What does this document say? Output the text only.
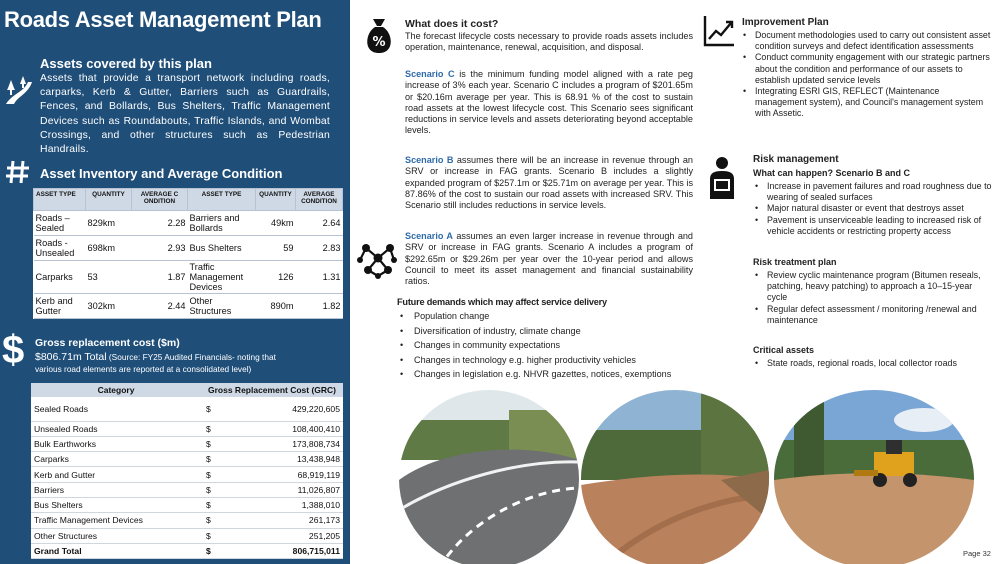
Roads Asset Management Plan
Assets covered by this plan
Assets that provide a transport network including roads, carparks, Kerb & Gutter, Barriers such as Guardrails, Fences, and Bollards, Bus Shelters, Traffic Management Devices such as Roundabouts, Traffic Islands, and Wombat Crossings, and other structures such as Pedestrian Handrails.
Asset Inventory and Average Condition
ASSET TYPE	QUANTITY	AVERAGE C ONDITION	ASSET TYPE	QUANTITY	AVERAGE CONDITION
Roads – Sealed	829km	2.28	Barriers and Bollards	49km	2.64
Roads - Unsealed	698km	2.93	Bus Shelters	59	2.83
Carparks	53	1.87	Traffic Management Devices	126	1.31
Kerb and Gutter	302km	2.44	Other Structures	890m	1.82
$	Gross replacement cost ($m)
$806.71m Total (Source: FY25 Audited Financials- noting that
various road elements are reported at a consolidated level)
Category	Gross Replacement Cost (GRC)	
Sealed Roads	$	429,220,605
Unsealed Roads	$	108,400,410
Bulk Earthworks	$	173,808,734
Carparks	$	13,438,948
Kerb and Gutter	$	68,919,119
Barriers	$	11,026,807
Bus Shelters	$	1,388,010
Traffic Management Devices	$	261,173
Other Structures	$	251,205
Grand Total	$	806,715,011
%
What does it cost?
The forecast lifecycle costs necessary to provide roads assets includes operation, maintenance, renewal, acquisition, and disposal.
Scenario C is the minimum funding model aligned with a rate peg increase of 3% each year. Scenario C includes a program of $201.65m or $20.16m average per year. This is 68.91 % of the cost to sustain road assets at the lowest lifecycle cost. This Scenario sees significant reductions in service levels and assets deteriorating beyond acceptable levels.
Scenario B assumes there will be an increase in revenue through an SRV or increase in FAG grants. Scenario B includes a slightly expanded program of $257.1m or $25.71m on average per year. This is 87.86% of the cost to sustain our road assets with increased SRV. This Scenario still includes reductions in service levels.
Scenario A assumes an even larger increase in revenue through and SRV or increase in FAG grants. Scenario A includes a program of $292.65m or $29.26m per year over the 10-year period and allows Council to meet its asset management and financial sustainability ratios.
Future demands which may affect service delivery
• Population change
• Diversification of industry, climate change
• Changes in community expectations
• Changes in technology e.g. higher productivity vehicles
• Changes in legislation e.g. NHVR gazettes, notices, exemptions
Improvement Plan
• Document methodologies used to carry out consistent asset condition surveys and defect identification assessments
• Conduct community engagement with our strategic partners about the condition and performance of our assets to establish updated service levels
• Integrating ESRI GIS, REFLECT (Maintenance management system), and Council's management system with Assetic.
Risk management
What can happen? Scenario B and C
• Increase in pavement failures and road roughness due to wearing of sealed surfaces
• Major natural disaster or event that destroys asset
• Pavement is unserviceable leading to increased risk of vehicle accidents or restricting property access
Risk treatment plan
• Review cyclic maintenance program (Bitumen reseals, patching, heavy patching) to approach a 10–15-year cycle
• Regular defect assessment / monitoring /renewal and maintenance
Critical assets
• State roads, regional roads, local collector roads
Page 32
